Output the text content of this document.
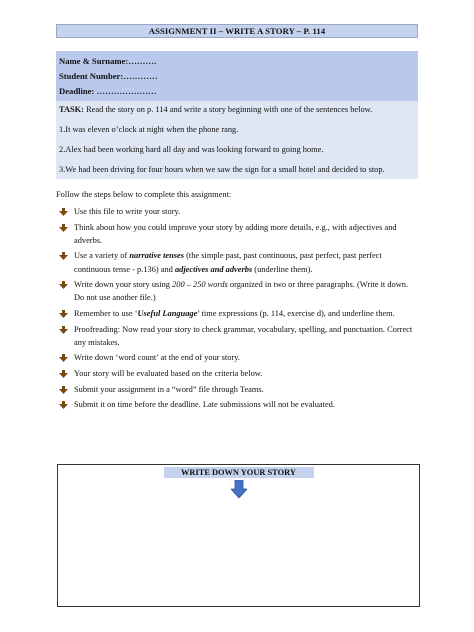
ASSIGNMENT II – WRITE A STORY – P. 114
Name & Surname:……….
Student Number:…………
Deadline: …………………
TASK: Read the story on p. 114 and write a story beginning with one of the sentences below.
1.It was eleven o’clock at night when the phone rang.
2.Alex had been working hard all day and was looking forward to going home.
3.We had been driving for four hours when we saw the sign for a small hotel and decided to stop.
Follow the steps below to complete this assignment:
Use this file to write your story.
Think about how you could improve your story by adding more details, e.g., with adjectives and adverbs.
Use a variety of narrative tenses (the simple past, past continuous, past perfect, past perfect continuous tense - p.136) and adjectives and adverbs (underline them).
Write down your story using 200 – 250 words organized in two or three paragraphs. (Write it down. Do not use another file.)
Remember to use ‘Useful Language’ time expressions (p. 114, exercise d), and underline them.
Proofreading: Now read your story to check grammar, vocabulary, spelling, and punctuation. Correct any mistakes.
Write down ‘word count’ at the end of your story.
Your story will be evaluated based on the criteria below.
Submit your assignment in a “word” file through Teams.
Submit it on time before the deadline. Late submissions will not be evaluated.
WRITE DOWN YOUR STORY
